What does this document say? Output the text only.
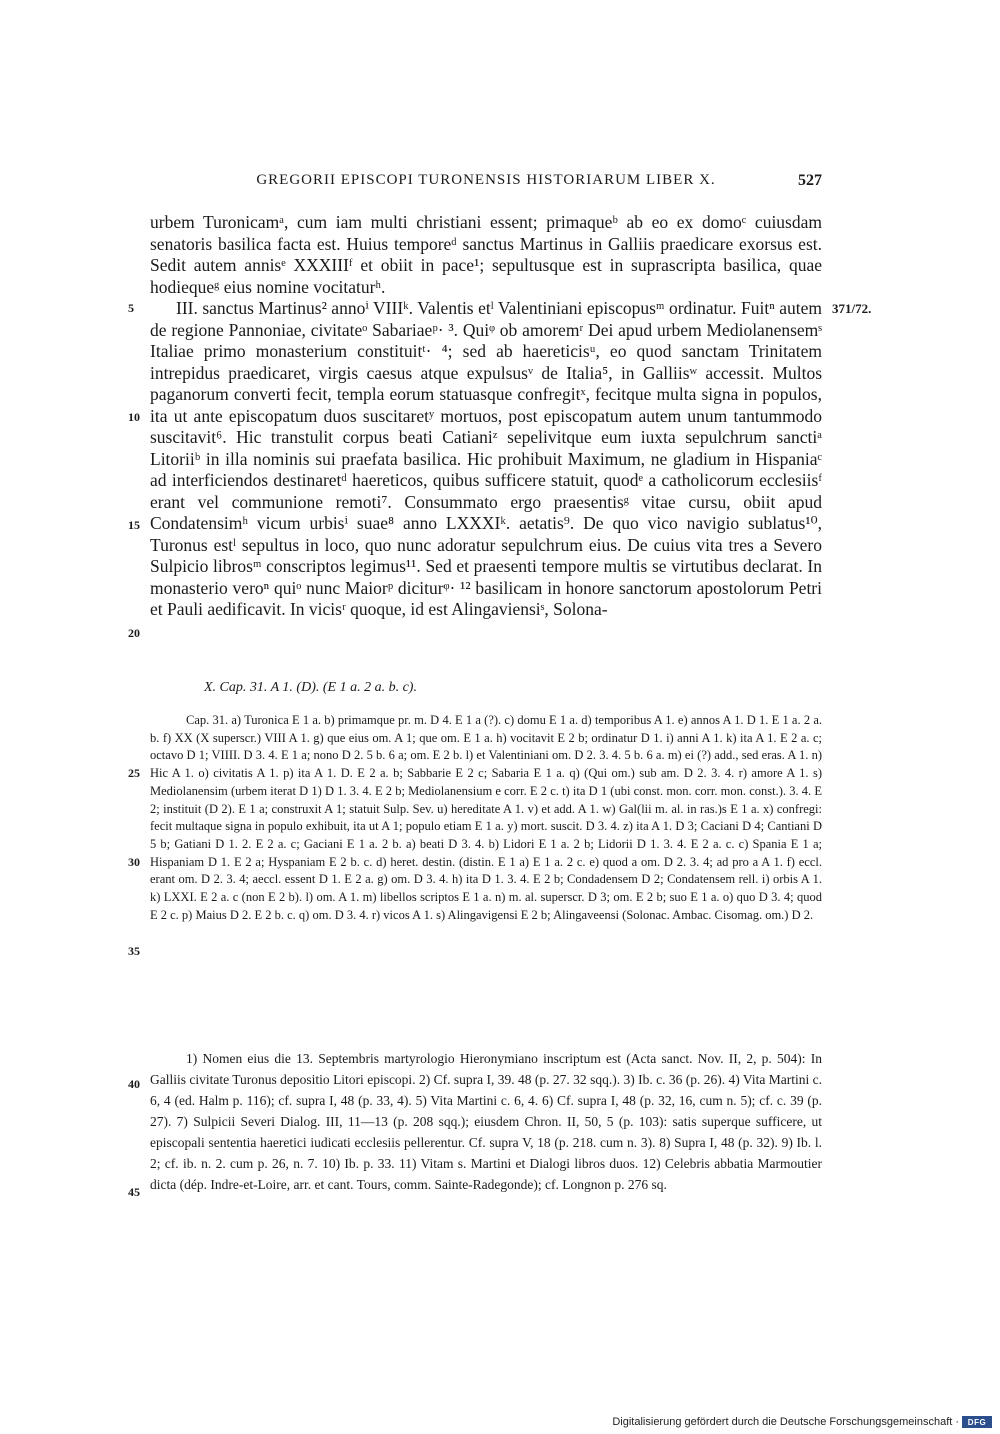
GREGORII EPISCOPI TURONENSIS HISTORIARUM LIBER X.	527

urbem Turonicamᵃ, cum iam multi christiani essent; primaqueᵇ ab eo ex domoᶜ cuiusdam senatoris basilica facta est. Huius temporeᵈ sanctus Martinus in Galliis praedicare exorsus est. Sedit autem annisᵉ XXXIIIᶠ et obiit in pace¹; sepultusque est in suprascripta basilica, quae hodiequeᵍ eius nomine vocitaturʰ.

III. sanctus Martinus² annoⁱ VIIIᵏ. Valentis etˡ Valentiniani episcopusᵐ ordinatur. Fuitⁿ autem de regione Pannoniae, civitateᵒ Sabariaeᵖ· ³. Quiᵠ ob amoremʳ Dei apud urbem Mediolanensemˢ Italiae primo monasterium constituitᵗ· ⁴; sed ab haereticisᵘ, eo quod sanctam Trinitatem intrepidus praedicaret, virgis caesus atque expulsusᵛ de Italia⁵, in Galliisʷ accessit. Multos paganorum converti fecit, templa eorum statuasque confregitˣ, fecitque multa signa in populos, ita ut ante episcopatum duos suscitaretʸ mortuos, post episcopatum autem unum tantummodo suscitavit⁶. Hic transtulit corpus beati Catianiᶻ sepelivitque eum iuxta sepulchrum sanctiᵃ Litoriiᵇ in illa nominis sui praefata basilica. Hic prohibuit Maximum, ne gladium in Hispaniaᶜ ad interficiendos destinaretᵈ haereticos, quibus sufficere statuit, quodᵉ a catholicorum ecclesiisᶠ erant vel communione remoti⁷. Consummato ergo praesentisᵍ vitae cursu, obiit apud Condatensimʰ vicum urbisⁱ suae⁸ anno LXXXIᵏ. aetatis⁹. De quo vico navigio sublatus¹⁰, Turonus estˡ sepultus in loco, quo nunc adoratur sepulchrum eius. De cuius vita tres a Severo Sulpicio librosᵐ conscriptos legimus¹¹. Sed et praesenti tempore multis se virtutibus declarat. In monasterio veroⁿ quiᵒ nunc Maiorᵖ diciturᵠ· ¹² basilicam in honore sanctorum apostolorum Petri et Pauli aedificavit. In vicisʳ quoque, id est Alingaviensiˢ, Solona-

5
10
15
20
25
30
35
40
45
371/72.
X. Cap. 31. A 1. (D). (E 1 a. 2 a. b. c).

Cap. 31. a) Turonica E 1 a. b) primamque pr. m. D 4. E 1 a (?). c) domu E 1 a. d) temporibus A 1. e) annos A 1. D 1. E 1 a. 2 a. b. f) XX (X superscr.) VIII A 1. g) que eius om. A 1; que om. E 1 a. h) vocitavit E 2 b; ordinatur D 1. i) anni A 1. k) ita A 1. E 2 a. c; octavo D 1; VIIII. D 3. 4. E 1 a; nono D 2. 5 b. 6 a; om. E 2 b. l) et Valentiniani om. D 2. 3. 4. 5 b. 6 a. m) ei (?) add., sed eras. A 1. n) Hic A 1. o) civitatis A 1. p) ita A 1. D. E 2 a. b; Sabbarie E 2 c; Sabaria E 1 a. q) (Qui om.) sub am. D 2. 3. 4. r) amore A 1. s) Mediolanensim (urbem iterat D 1) D 1. 3. 4. E 2 b; Mediolanensium e corr. E 2 c. t) ita D 1 (ubi const. mon. corr. mon. const.). 3. 4. E 2; instituit (D 2). E 1 a; construxit A 1; statuit Sulp. Sev. u) hereditate A 1. v) et add. A 1. w) Gal(lii m. al. in ras.)s E 1 a. x) confregi: fecit multaque signa in populo exhibuit, ita ut A 1; populo etiam E 1 a. y) mort. suscit. D 3. 4. z) ita A 1. D 3; Caciani D 4; Cantiani D 5 b; Gatiani D 1. 2. E 2 a. c; Gaciani E 1 a. 2 b. a) beati D 3. 4. b) Lidori E 1 a. 2 b; Lidorii D 1. 3. 4. E 2 a. c. c) Spania E 1 a; Hispaniam D 1. E 2 a; Hyspaniam E 2 b. c. d) heret. destin. (distin. E 1 a) E 1 a. 2 c. e) quod a om. D 2. 3. 4; ad pro a A 1. f) eccl. erant om. D 2. 3. 4; aeccl. essent D 1. E 2 a. g) om. D 3. 4. h) ita D 1. 3. 4. E 2 b; Condadensem D 2; Condatensem rell. i) orbis A 1. k) LXXI. E 2 a. c (non E 2 b). l) om. A 1. m) libellos scriptos E 1 a. n) m. al. superscr. D 3; om. E 2 b; suo E 1 a. o) quo D 3. 4; quod E 2 c. p) Maius D 2. E 2 b. c. q) om. D 3. 4. r) vicos A 1. s) Alingavigensi E 2 b; Alingaveensi (Solonac. Ambac. Cisomag. om.) D 2.

1) Nomen eius die 13. Septembris martyrologio Hieronymiano inscriptum est (Acta sanct. Nov. II, 2, p. 504): In Galliis civitate Turonus depositio Litori episcopi. 2) Cf. supra I, 39. 48 (p. 27. 32 sqq.). 3) Ib. c. 36 (p. 26). 4) Vita Martini c. 6, 4 (ed. Halm p. 116); cf. supra I, 48 (p. 33, 4). 5) Vita Martini c. 6, 4. 6) Cf. supra I, 48 (p. 32, 16, cum n. 5); cf. c. 39 (p. 27). 7) Sulpicii Severi Dialog. III, 11—13 (p. 208 sqq.); eiusdem Chron. II, 50, 5 (p. 103): satis superque sufficere, ut episcopali sententia haeretici iudicati ecclesiis pellerentur. Cf. supra V, 18 (p. 218. cum n. 3). 8) Supra I, 48 (p. 32). 9) Ib. l. 2; cf. ib. n. 2. cum p. 26, n. 7. 10) Ib. p. 33. 11) Vitam s. Martini et Dialogi libros duos. 12) Celebris abbatia Marmoutier dicta (dép. Indre-et-Loire, arr. et cant. Tours, comm. Sainte-Radegonde); cf. Longnon p. 276 sq.

Digitalisierung gefördert durch die Deutsche Forschungsgemeinschaft ·	DFG
